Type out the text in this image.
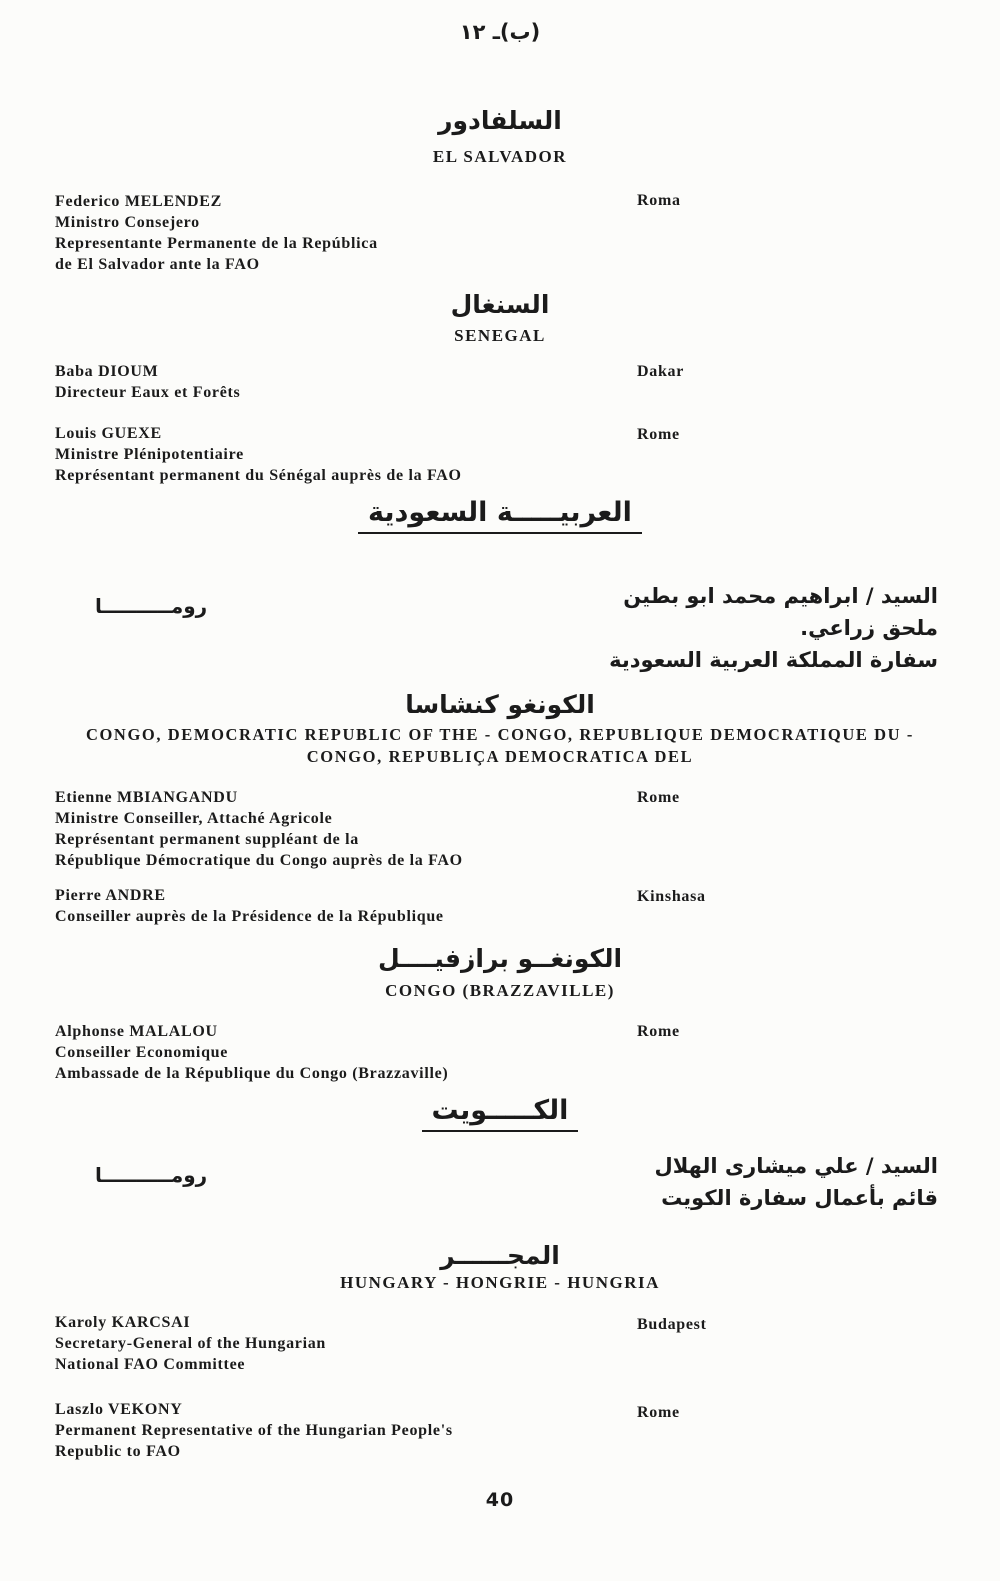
(ب)ـ ١٢
السلفادور
EL SALVADOR
Federico MELENDEZ
Ministro Consejero
Representante Permanente de la República
de El Salvador ante la FAO
Roma
السنغال
SENEGAL
Baba DIOUM
Directeur Eaux et Forêts
Dakar
Louis GUEXE
Ministre Plénipotentiaire
Représentant permanent du Sénégal auprès de la FAO
Rome
العربيـــــة السعودية
السيد / ابراهيم محمد ابو بطين
ملحق زراعي.
سفارة المملكة العربية السعودية
رومــــــــــا
الكونغو كنشاسا
CONGO, DEMOCRATIC REPUBLIC OF THE - CONGO, REPUBLIQUE DEMOCRATIQUE DU -
CONGO, REPUBLIÇA DEMOCRATICA DEL
Etienne MBIANGANDU
Ministre Conseiller, Attaché Agricole
Représentant permanent suppléant de la
République Démocratique du Congo auprès de la FAO
Rome
Pierre ANDRE
Conseiller auprès de la Présidence de la République
Kinshasa
الكونغــو برازفيــــل
CONGO (BRAZZAVILLE)
Alphonse MALALOU
Conseiller Economique
Ambassade de la République du Congo (Brazzaville)
Rome
الكـــــويت
السيد / علي ميشارى الهلال
قائم بأعمال سفارة الكويت
رومــــــــــا
المجــــــر
HUNGARY - HONGRIE - HUNGRIA
Karoly KARCSAI
Secretary-General of the Hungarian
National FAO Committee
Budapest
Laszlo VEKONY
Permanent Representative of the Hungarian People's
Republic to FAO
Rome
40
